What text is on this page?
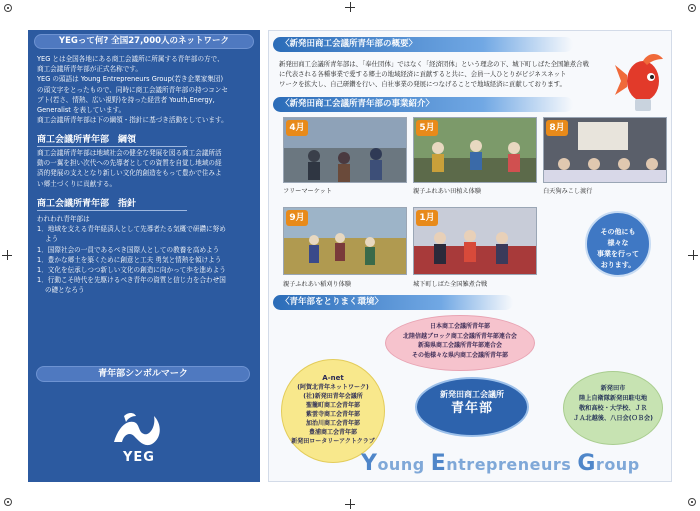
YEGって何? 全国27,000人のネットワーク

YEG とは全国各地にある商工会議所に所属する青年部の方で、

商工会議所青年部が正式名称です。

YEG の頭語は Young Entrepreneurs Group(若き企業家集団)

の頭文字をとったもので、同時に商工会議所青年部の持つコンセ

プト(若さ、情熱、広い視野)を持った経営者 Youth,Energy,

Generalist を表しています。

商工会議所青年部は下の綱領・指針に基づき活動をしています。

商工会議所青年部　綱領

商工会議所青年部は地域社会の健全な発展を図る商工会議所活

動の一翼を担い次代への先導者としての資質を自覚し地域の経

済的発展の支えとなり新しい文化的創造をもって豊かで住みよ

い郷土づくりに貢献する。

商工会議所青年部　指針

われわれ青年部は

1．地域を支える青年経済人として先導者たる気概で研鑽に努め

よう

1．国際社会の一員であるべき国際人としての教養を高めよう

1．豊かな郷土を築くために創意と工夫 勇気と情熱を傾けよう

1．文化を伝承しつつ新しい文化の創造に向かって歩を進めよう

1．行動こそ時代を先駆けるべき青年の資質と信じ力を合わせ国

の礎となろう

青年部シンボルマーク
YEG
〈新発田商工会議所青年部の概要〉

新発田商工会議所青年部は、「奉仕団体」ではなく「経済団体」という理念の下、城下町しばた全国雑煮合戦

に代表される各種事業で愛する郷土の地域経済に貢献すると共に、会員一人ひとりがビジネスネット

ワークを拡大し、自己研鑽を行い、自社事業の発展につなげることで地域経済に貢献しております。

〈新発田商工会議所青年部の事業紹介〉
4月
フリーマーケット
5月
親子ふれあい田植え体験
8月
白天狗みこし渡行
9月
親子ふれあい稲刈り体験
1月
城下町しばた全国雑煮合戦
その他にも
様々な
事業を行って
おります。
〈青年部をとりまく環境〉

日本商工会議所青年部

北陸信越ブロック商工会議所青年部連合会

新潟県商工会議所青年部連合会

その他様々な県内商工会議所青年部

A-net

(阿賀北青年ネットワーク)

(社)新発田青年会議所

聖籠町商工会青年部

紫雲寺商工会青年部

加治川商工会青年部

豊浦商工会青年部

新発田ロータリーアクトクラブ

新発田市

陸上自衛隊新発田駐屯地

敬和高校・大学校、ＪＲ

ＪＡ北越後、八日会(ＯＢ会)

新発田商工会議所

青年部

Young Entrepreneurs Group
